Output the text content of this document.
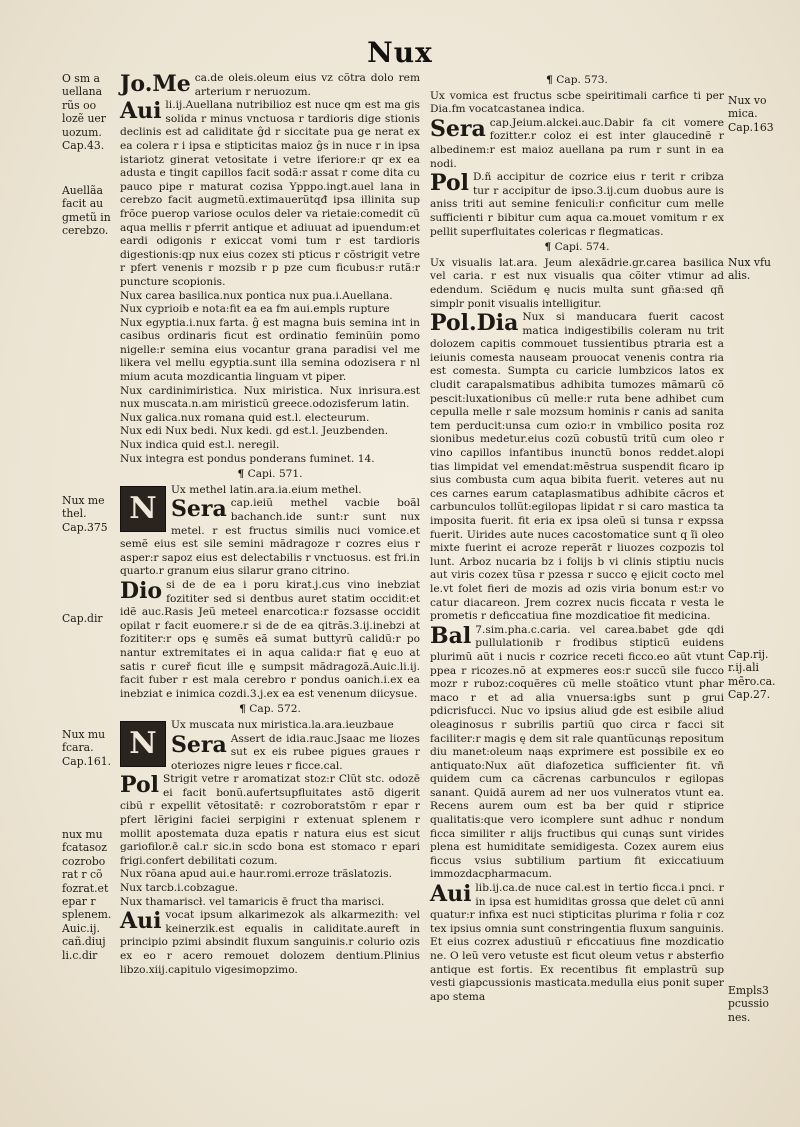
Nux
O sm a
uellana
rũs oo
lozẽ uer
uozum.
Cap.43.
Auellãa
facit au
gmetũ in
cerebzo.
Nux me
thel.
Cap.375
Cap.dir
Nux mu
fcara.
Cap.161.
nux mu
fcatasoz
cozrobo
rat r cõ
fozrat.et
epar r
splenem.
Auic.ij.
cañ.diuj
li.c.dir

Jo.Me ca.de oleis.oleum eius vz cõtra dolo rem arterium r neruozum.

Aui li.ij.Auellana nutribilioz est nuce qm est ma gis solida r minus vnctuosa r tardioris dige stionis declinis est ad caliditate ĝd r siccitate pua ge nerat ex ea colera r i ipsa e stipticitas maioz ĝs in nuce r in ipsa istariotz ginerat vetositate i vetre iferiore:r qr ex ea adusta e tingit capillos facit sodã:r assat r come dita cu pauco pipe r maturat cozisa Ypppo.ingt.auel lana in cerebzo facit augmetũ.extimauerũtqđ ipsa illinita sup frõce puerop variose oculos deler va rietaie:comedit cũ aqua mellis r pferrit antique et adiuuat ad ipuendum:et eardi odigonis r exiccat vomi tum r est tardioris digestionis:qp nux eius cozex sti pticus r cõstrigit vetre r pfert venenis r mozsib r p pze cum ficubus:r rutã:r puncture scopionis.

Nux carea basilica.nux pontica nux pua.i.Auellana.

Nux cyprioib e nota:fit ea ea fm aui.empls rupture

Nux egyptia.i.nux farta. ĝ est magna buis semina int in casibus ordinaris ficut est ordinatio feminũin pomo nigelle:r semina eius vocantur grana paradisi vel me likera vel mellu egyptia.sunt illa semina odozisera r nl mium acuta mozdicantia linguam vt piper.

Nux cardinimiristica. Nux miristica. Nux inrisura.est nux muscata.n.am miristicũ greece.odozisferum latin.

Nux galica.nux romana quid est.l. electeurum.

Nux edi Nux bedi. Nux kedi. gd est.l. Jeuzbenden.

Nux indica quid est.l. neregil.

Nux integra est pondus ponderans fuminet. 14.

¶ Capi. 571.

N
Ux methel latin.ara.ia.eium methel.

Sera cap.ieiũ methel vacbie boãl bachanch.ide sunt:r sunt nux metel. r est fructus similis nuci vomice.et semẽ eius est sile semini mãdragoze r cozres eius r asper:r sapoz eius est delectabilis r vnctuosus. est fri.in quarto.r granum eius silarur grano citrino.

Dio si de de ea i poru kirat.j.cus vino inebziat fozititer sed si dentbus auret statim occidit:et idẽ auc.Rasis Jeũ meteel enarcotica:r fozsasse occidit opilat r facit euomere.r si de de ea qitrãs.3.ij.inebzi at fozititer:r ops ę sumẽs eã sumat buttyrũ calidũ:r po nantur extremitates ei in aqua calida:r fiat ę euo at satis r cureř ficut ille ę sumpsit mãdragozã.Auic.li.ij. facit fuber r est mala cerebro r pondus oanich.i.ex ea inebziat e inimica cozdi.3.j.ex ea est venenum diicysue.

¶ Cap. 572.

N
Ux muscata nux miristica.la.ara.ieuzbaue

Sera Assert de idia.rauc.Jsaac me liozes sut ex eis rubee pigues graues r oteriozes nigre leues r ficce.cal.

Pol Strigit vetre r aromatizat stoz:r Clũt stc. odozē ei facit bonũ.aufertsupfluitates astõ digerit cibũ r expellit vẽtositatē: r cozroboratstõm r epar r pfert lẽrigini faciei serpigini r extenuat splenem r mollit apostemata duza epatis r natura eius est sicut gariofilor.ē cal.r sic.in scdo bona est stomaco r epari frigi.confert debilitati cozum.

Nux rõana apud aui.e haur.romi.erroze trãslatozis.

Nux tarcb.i.cobzague.

Nux thamariscł. vel tamaricis ē fruct tha marisci.

Aui vocat ipsum alkarimezok als alkarmezith: vel keinerzik.est equalis in caliditate.aureft in principio pzimi absindit fluxum sanguinis.r colurio ozis ex eo r acero remouet dolozem dentium.Plinius libzo.xiij.capitulo vigesimopzimo.

¶ Cap. 573.

Ux vomica est fructus scbe speiritimali carfice ti per Dia.fm vocatcastanea indica.

Sera cap.Jeium.alckei.auc.Dabir fa cit vomere fozitter.r coloz ei est inter glaucedinẽ r albedinem:r est maioz auellana pa rum r sunt in ea nodi.

Pol D.ñ accipitur de cozrice eius r terit r cribza tur r accipitur de ipso.3.ij.cum duobus aure is aniss triti aut semine feniculi:r conficitur cum melle sufficienti r bibitur cum aqua ca.mouet vomitum r ex pellit superfluitates colericas r flegmaticas.

¶ Capi. 574.

Ux visualis lat.ara. Jeum alexãdrie.gr.carea basilica vel caria. r est nux visualis qua cõiter vtimur ad edendum. Sciẽdum ę nucis multa sunt gña:sed qñ simplr ponit visualis intelligitur.

Pol.Dia Nux si manducara fuerit cacost matica indigestibilis coleram nu trit dolozem capitis commouet tussientibus ptraria est a ieiunis comesta nauseam prouocat venenis contra ria est comesta. Sumpta cu caricie lumbzicos latos ex cludit carapalsmatibus adhibita tumozes mãmarũ cõ pescit:luxationibus cũ melle:r ruta bene adhibet cum cepulla melle r sale mozsum hominis r canis ad sanita tem perducit:unsa cum ozio:r in vmbilico posita roz sionibus medetur.eius cozũ cobustũ tritũ cum oleo r vino capillos infantibus inunctũ bonos reddet.alopi tias limpidat vel emendat:mẽstrua suspendit ficaro ip sius combusta cum aqua bibita fuerit. veteres aut nu ces carnes earum cataplasmatibus adhibite cãcros et carbunculos tollũt:egilopas lipidat r si caro mastica ta imposita fuerit. fit eria ex ipsa oleũ si tunsa r expssa fuerit. Uirides aute nuces cacostomatice sunt q ĩi oleo mixte fuerint ei acroze reperãt r liuozes cozpozis tol lunt. Arboz nucaria bz i folijs b vi clinis stiptiu nucis aut viris cozex tũsa r pzessa r succo ę ejicit cocto mel le.vt folet fieri de mozis ad ozis viria bonum est:r vo catur diacareon. Jrem cozrex nucis ficcata r vesta le prometis r deficcatiua fine mozdicatioe fit medicina.

Bal 7.sim.pha.c.caria. vel carea.babet gde qdi pullulationib r frodibus stipticũ euidens plurimũ aũt i nucis r cozrice receti ficco.eo aũt vtunt ppea r ricozes.nõ at expmeres eos:r succũ sile fucco mozr r ruboz:coquẽres cũ melle stoãtico vtunt phar maco r et ad alia vnuersa:igbs sunt p grui pdicrisfucci. Nuc vo ipsius aliud gde est esibile aliud oleaginosus r subrilis partiũ quo circa r facci sit faciliter:r magis ę dem sit rale quantũcunąs repositum diu manet:oleum naąs exprimere est possibile ex eo antiquato:Nux aũt diafozetica sufficienter fit. vñ quidem cum ca cãcrenas carbunculos r egilopas sanant. Quidã aurem ad ner uos vulneratos vtunt ea. Recens aurem oum est ba ber quid r stiprice qualitatis:que vero icomplere sunt adhuc r nondum ficca similiter r alijs fructibus qui cunąs sunt virides plena est humiditate semidigesta. Cozex aurem eius ficcus vsius subtilium partium fit exiccatiuum immozdacpharmacum.

Aui lib.ij.ca.de nuce cal.est in tertio ficca.i pnci. r in ipsa est humiditas grossa que delet cũ anni quatur:r infixa est nuci stipticitas plurima r folia r coz tex ipsius omnia sunt constringentia fluxum sanguinis. Et eius cozrex adustiuũ r eficcatiuus fine mozdicatio ne. O leũ vero vetuste est ficut oleum vetus r absterfio antique est fortis. Ex recentibus fit emplastrũ sup vesti giapcussionis masticata.medulla eius ponit super apo stema

Nux vo
mica.
Cap.163
Nux vfu
alis.
Cap.rij.
r.ij.ali
mẽro.ca.
Cap.27.
Empls3
pcussio
nes.
